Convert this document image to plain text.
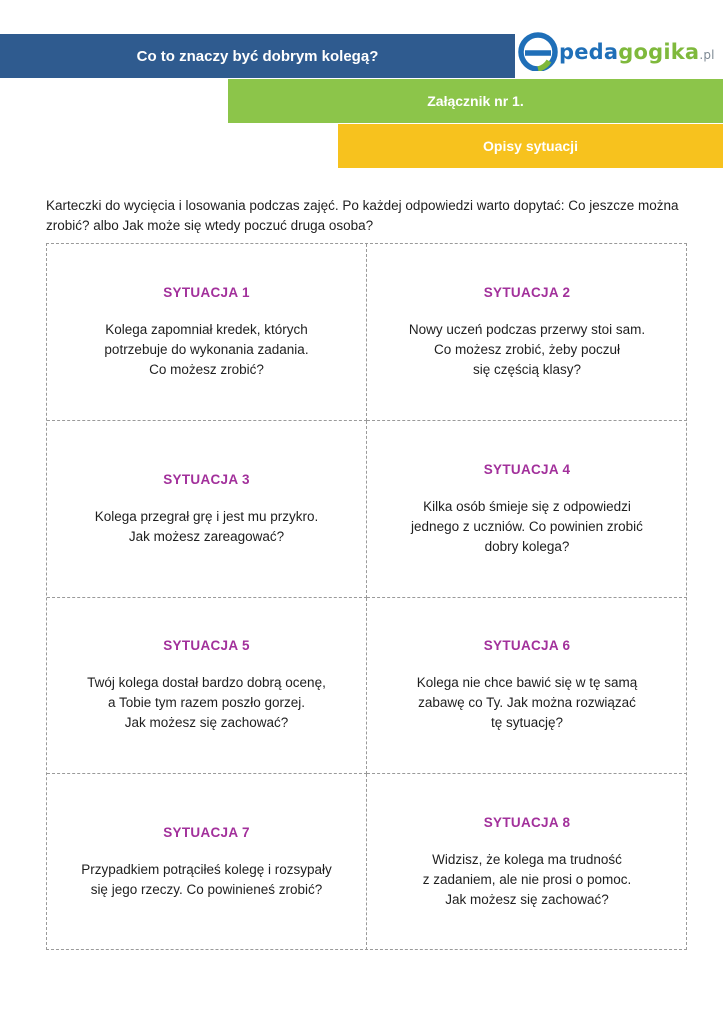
Co to znaczy być dobrym kolegą?	pedagogika.pl
Załącznik nr 1.
Opisy sytuacji

Karteczki do wycięcia i losowania podczas zajęć. Po każdej odpowiedzi warto dopytać: Co jeszcze można zrobić? albo Jak może się wtedy poczuć druga osoba?

SYTUACJA 1
Kolega zapomniał kredek, których
potrzebuje do wykonania zadania.
Co możesz zrobić?
SYTUACJA 2
Nowy uczeń podczas przerwy stoi sam.
Co możesz zrobić, żeby poczuł
się częścią klasy?
SYTUACJA 3
Kolega przegrał grę i jest mu przykro.
Jak możesz zareagować?
SYTUACJA 4
Kilka osób śmieje się z odpowiedzi
jednego z uczniów. Co powinien zrobić
dobry kolega?
SYTUACJA 5
Twój kolega dostał bardzo dobrą ocenę,
a Tobie tym razem poszło gorzej.
Jak możesz się zachować?
SYTUACJA 6
Kolega nie chce bawić się w tę samą
zabawę co Ty. Jak można rozwiązać
tę sytuację?
SYTUACJA 7
Przypadkiem potrąciłeś kolegę i rozsypały
się jego rzeczy. Co powinieneś zrobić?
SYTUACJA 8
Widzisz, że kolega ma trudność
z zadaniem, ale nie prosi o pomoc.
Jak możesz się zachować?
